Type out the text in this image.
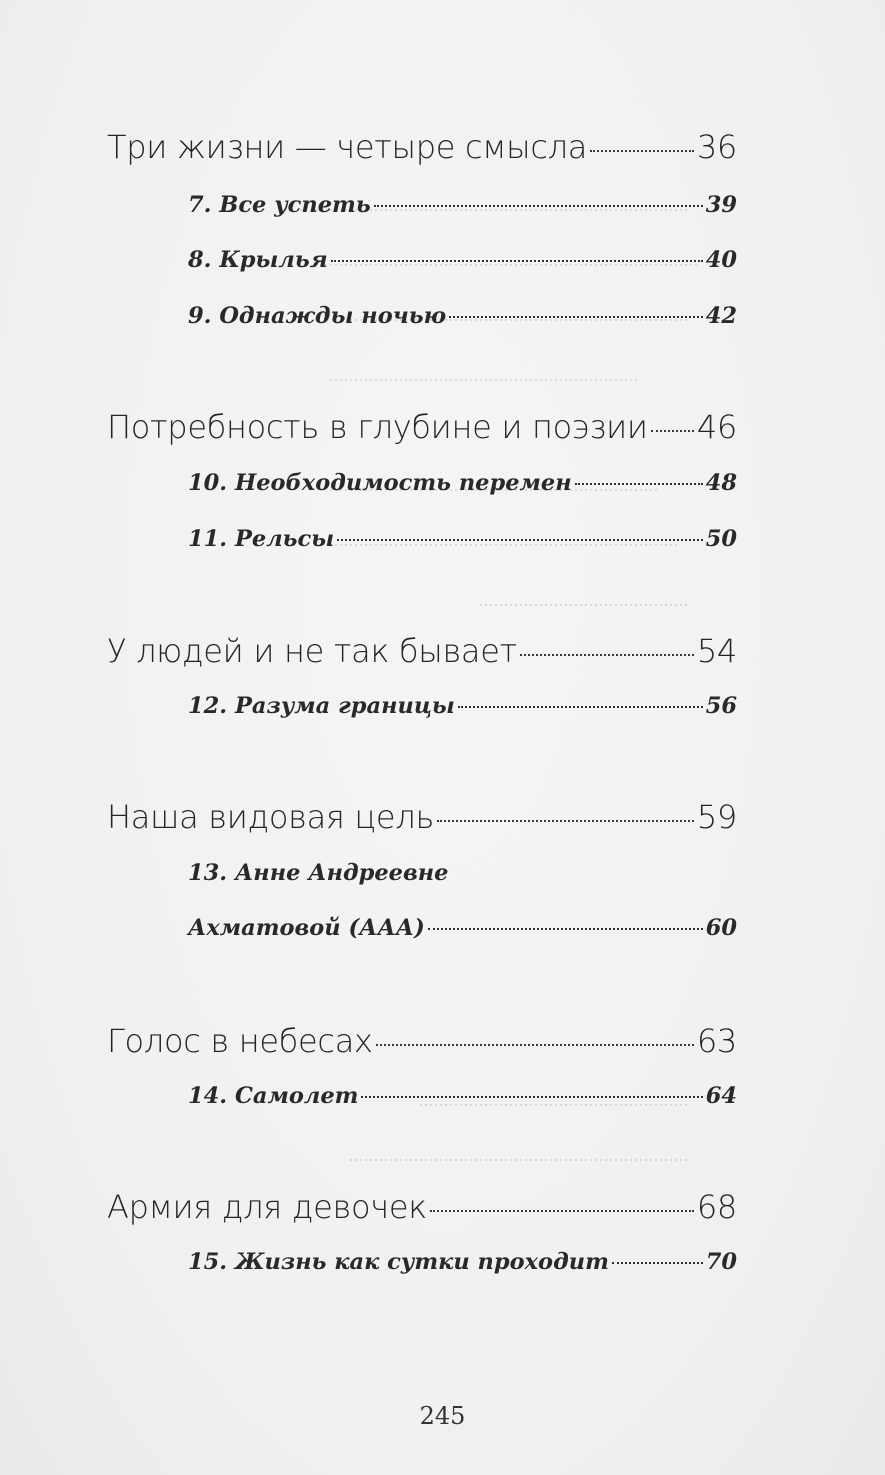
Три жизни — четыре смысла	36
7. Все успеть	39
8. Крылья	40
9. Однажды ночью	42
Потребность в глубине и поэзии 46
10. Необходимость перемен	48
11. Рельсы	50
У людей и не так бывает	54
12. Разума границы	56
Наша видовая цель	59
13. Анне Андреевне
Ахматовой (ААА)	60
Голос в небесах	63
14. Самолет	64
Армия для девочек	68
15. Жизнь как сутки проходит	70
245
